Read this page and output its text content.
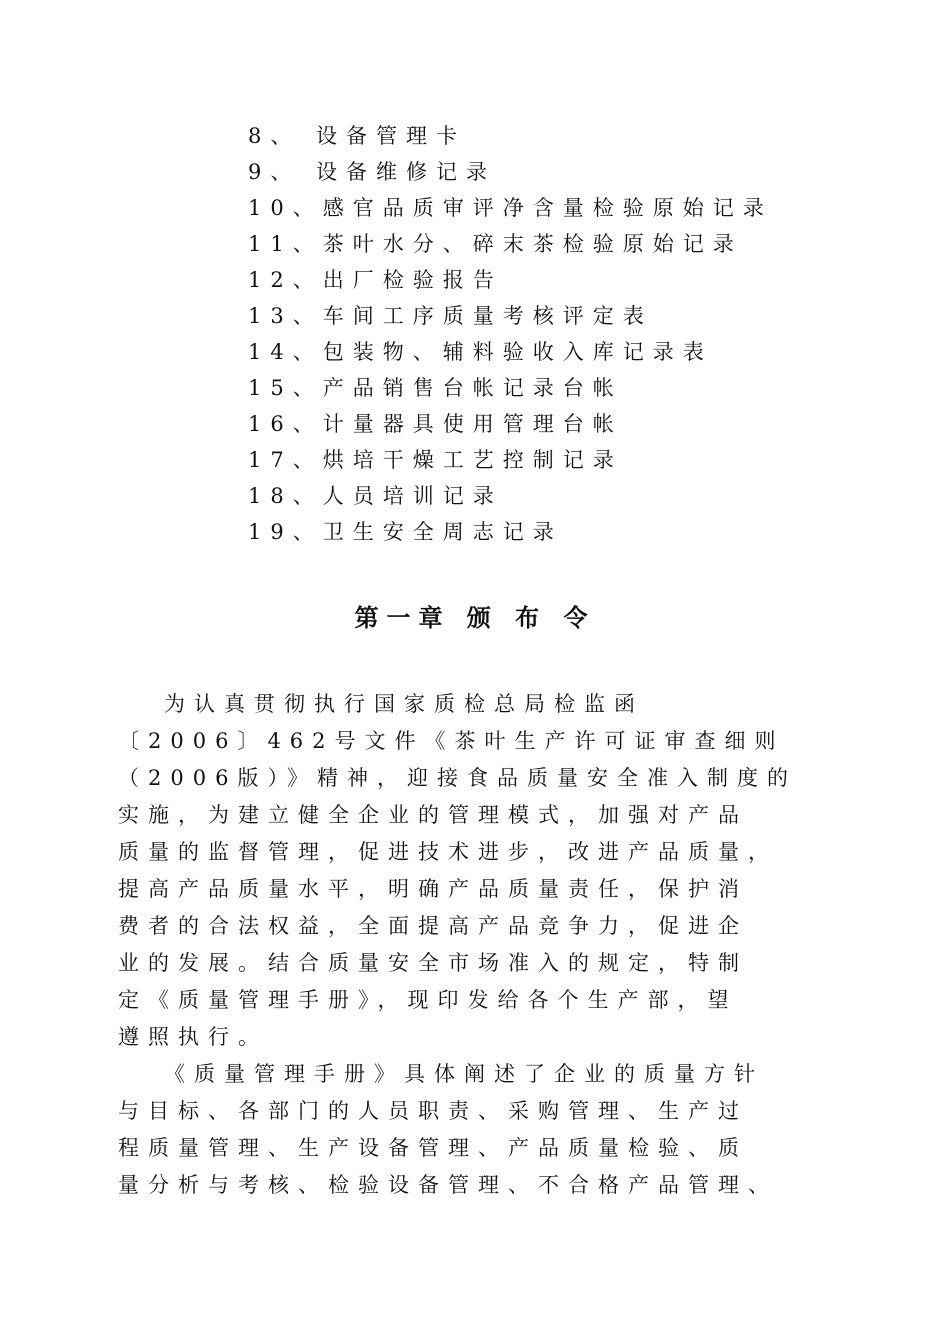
8、 设备管理卡
9、 设备维修记录
10、感官品质审评净含量检验原始记录
11、茶叶水分、碎末茶检验原始记录
12、出厂检验报告
13、车间工序质量考核评定表
14、包装物、辅料验收入库记录表
15、产品销售台帐记录台帐
16、计量器具使用管理台帐
17、烘培干燥工艺控制记录
18、人员培训记录
19、卫生安全周志记录
第一章 颁 布 令
为认真贯彻执行国家质检总局检监函
〔2006〕462号文件《茶叶生产许可证审查细则
（2006版）》精神，迎接食品质量安全准入制度的
实施，为建立健全企业的管理模式，加强对产品
质量的监督管理，促进技术进步，改进产品质量，
提高产品质量水平，明确产品质量责任，保护消
费者的合法权益，全面提高产品竞争力，促进企
业的发展。结合质量安全市场准入的规定，特制
定《质量管理手册》，现印发给各个生产部，望
遵照执行。
《质量管理手册》具体阐述了企业的质量方针
与目标、各部门的人员职责、采购管理、生产过
程质量管理、生产设备管理、产品质量检验、质
量分析与考核、检验设备管理、不合格产品管理、
